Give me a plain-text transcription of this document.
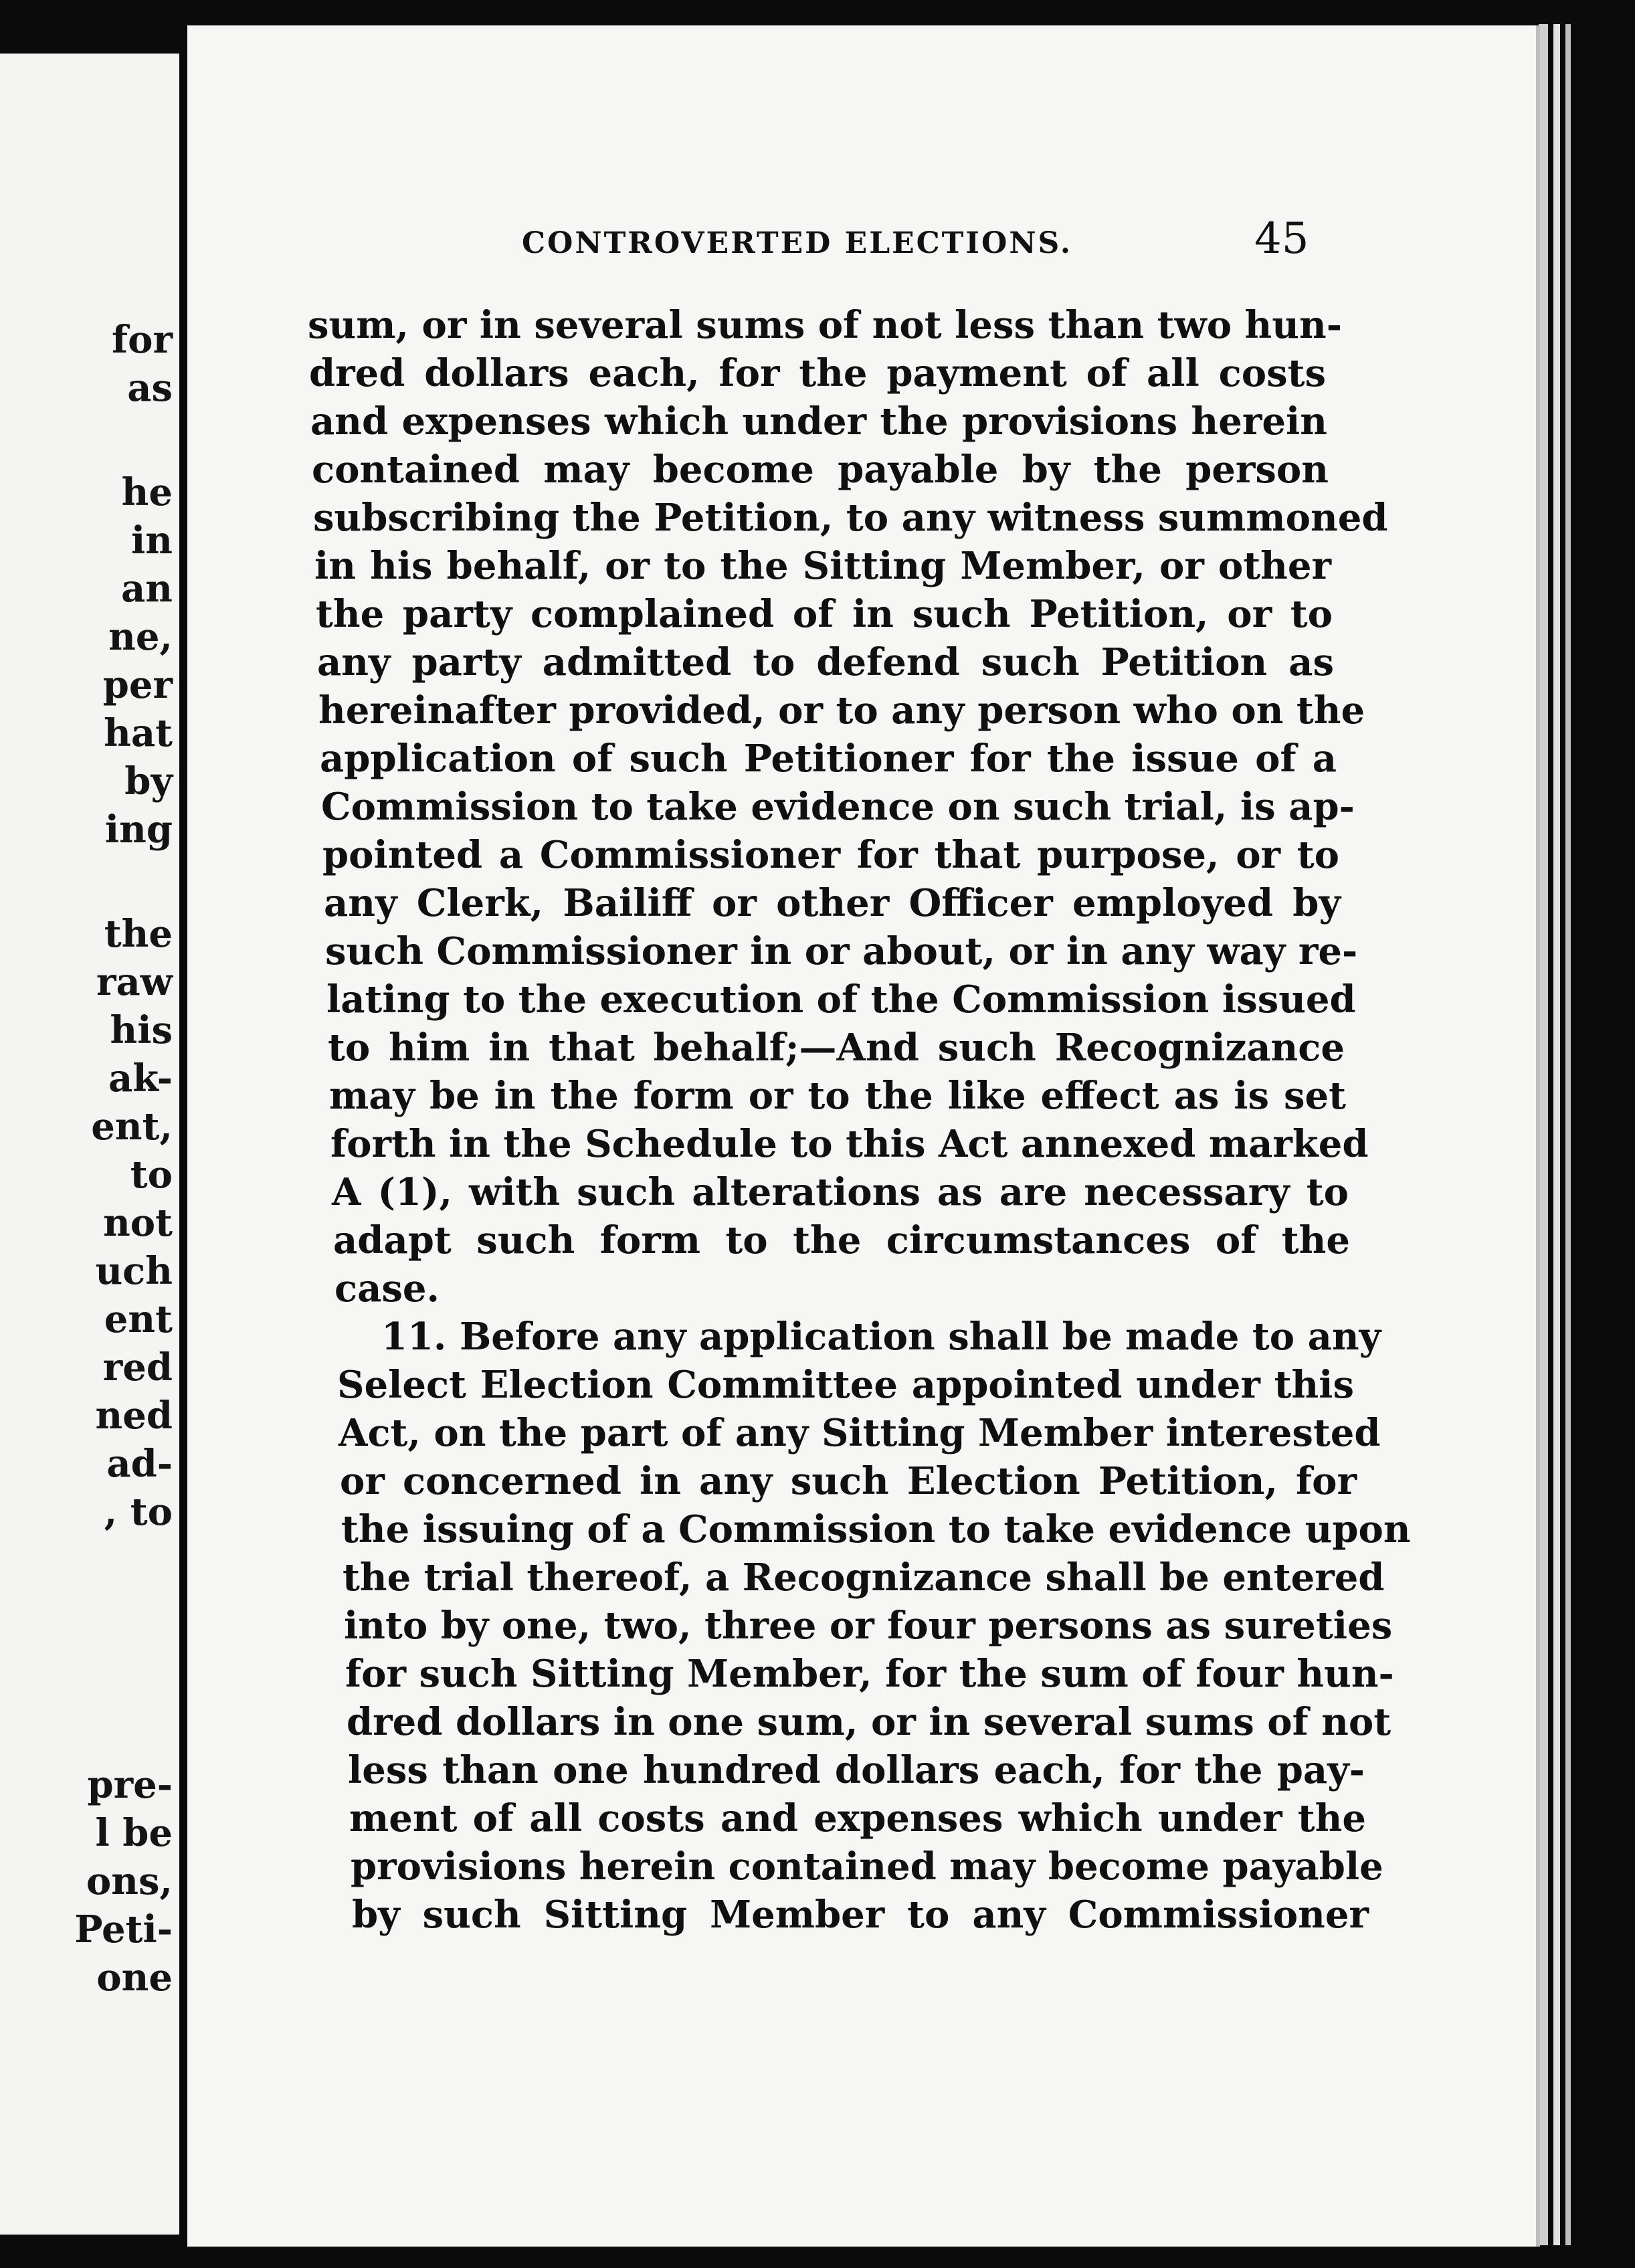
for
as
he
in
an
ne,
per
hat
by
ing
the
raw
his
ak-
ent,
to
not
uch
ent
red
ned
ad-
, to
pre-
l be
ons,
Peti-
one
CONTROVERTED ELECTIONS.	45
sum, or in several sums of not less than two hun-
dred dollars each, for the payment of all costs
and expenses which under the provisions herein
contained may become payable by the person
subscribing the Petition, to any witness summoned
in his behalf, or to the Sitting Member, or other
the party complained of in such Petition, or to
any party admitted to defend such Petition as
hereinafter provided, or to any person who on the
application of such Petitioner for the issue of a
Commission to take evidence on such trial, is ap-
pointed a Commissioner for that purpose, or to
any Clerk, Bailiff or other Officer employed by
such Commissioner in or about, or in any way re-
lating to the execution of the Commission issued
to him in that behalf;—And such Recognizance
may be in the form or to the like effect as is set
forth in the Schedule to this Act annexed marked
A (1), with such alterations as are necessary to
adapt such form to the circumstances of the
case.
11. Before any application shall be made to any
Select Election Committee appointed under this
Act, on the part of any Sitting Member interested
or concerned in any such Election Petition, for
the issuing of a Commission to take evidence upon
the trial thereof, a Recognizance shall be entered
into by one, two, three or four persons as sureties
for such Sitting Member, for the sum of four hun-
dred dollars in one sum, or in several sums of not
less than one hundred dollars each, for the pay-
ment of all costs and expenses which under the
provisions herein contained may become payable
by such Sitting Member to any Commissioner
